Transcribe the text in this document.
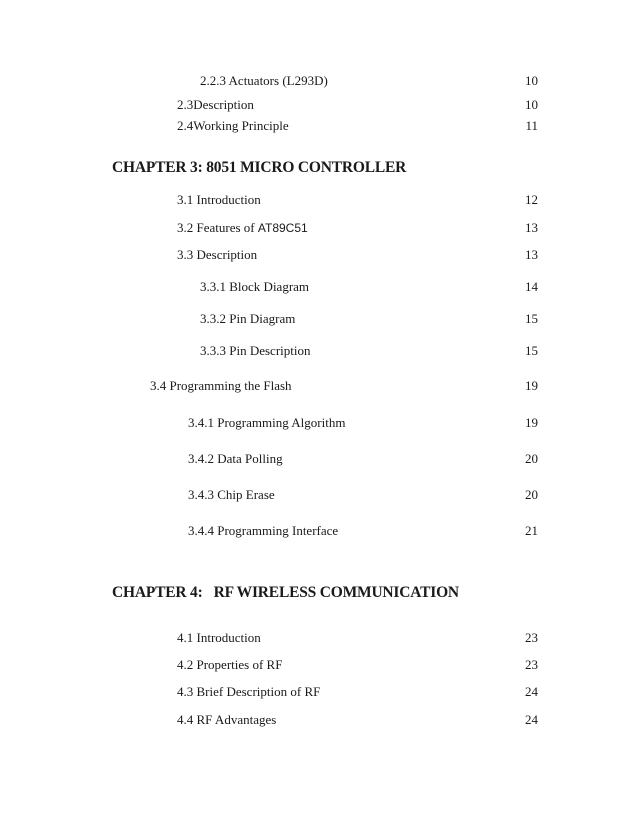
2.2.3 Actuators (L293D)	10
2.3Description	10
2.4Working Principle	11
CHAPTER 3: 8051 MICRO CONTROLLER
3.1 Introduction	12
3.2 Features of AT89C51	13
3.3 Description	13
3.3.1 Block Diagram	14
3.3.2 Pin Diagram	15
3.3.3 Pin Description	15
3.4 Programming the Flash	19
3.4.1 Programming Algorithm	19
3.4.2 Data Polling	20
3.4.3 Chip Erase	20
3.4.4 Programming Interface	21
CHAPTER 4:   RF WIRELESS COMMUNICATION
4.1 Introduction	23
4.2 Properties of RF	23
4.3 Brief Description of RF	24
4.4 RF Advantages	24
